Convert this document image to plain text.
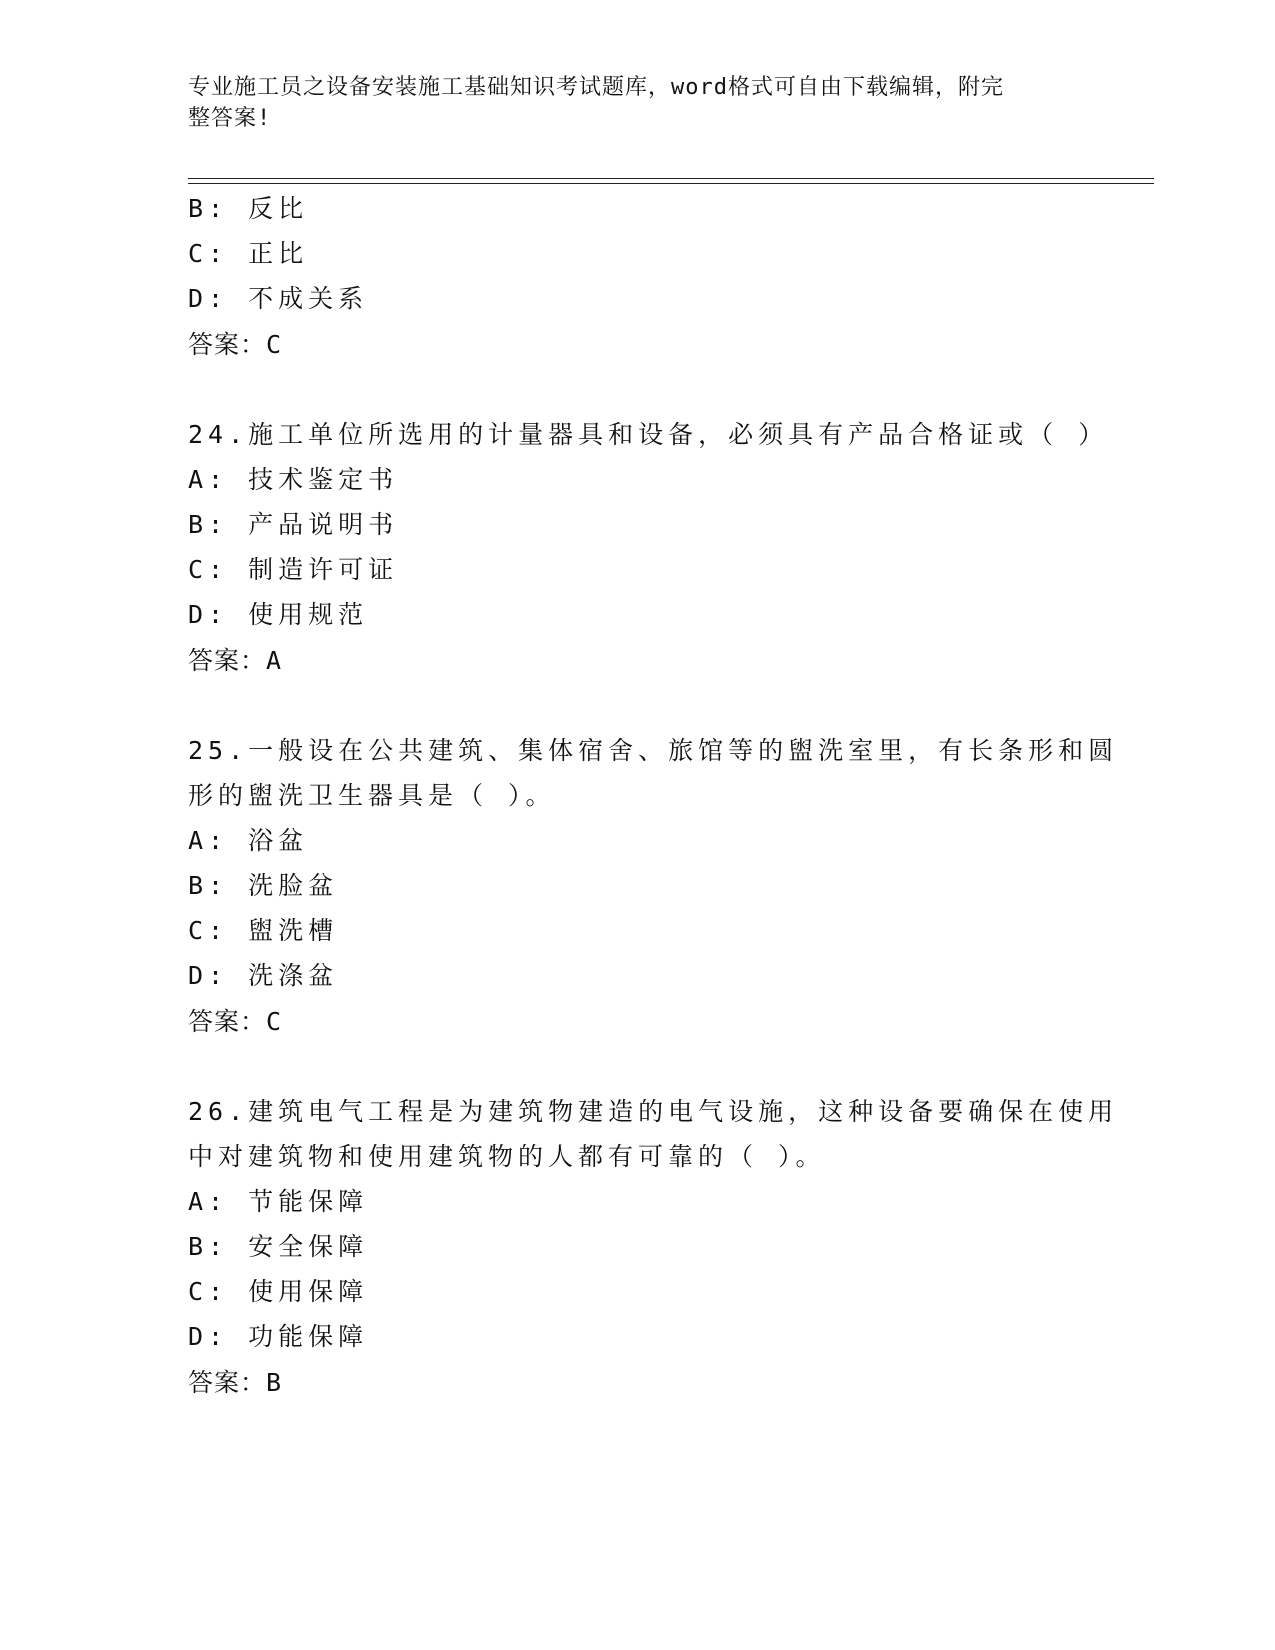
专业施工员之设备安装施工基础知识考试题库，word格式可自由下载编辑，附完
整答案!
B: 反比
C: 正比
D: 不成关系
答案：C
24.施工单位所选用的计量器具和设备，必须具有产品合格证或（ ）
A: 技术鉴定书
B: 产品说明书
C: 制造许可证
D: 使用规范
答案：A
25.一般设在公共建筑、集体宿舍、旅馆等的盥洗室里，有长条形和圆
形的盥洗卫生器具是（ ）。
A: 浴盆
B: 洗脸盆
C: 盥洗槽
D: 洗涤盆
答案：C
26.建筑电气工程是为建筑物建造的电气设施，这种设备要确保在使用
中对建筑物和使用建筑物的人都有可靠的（ ）。
A: 节能保障
B: 安全保障
C: 使用保障
D: 功能保障
答案：B
